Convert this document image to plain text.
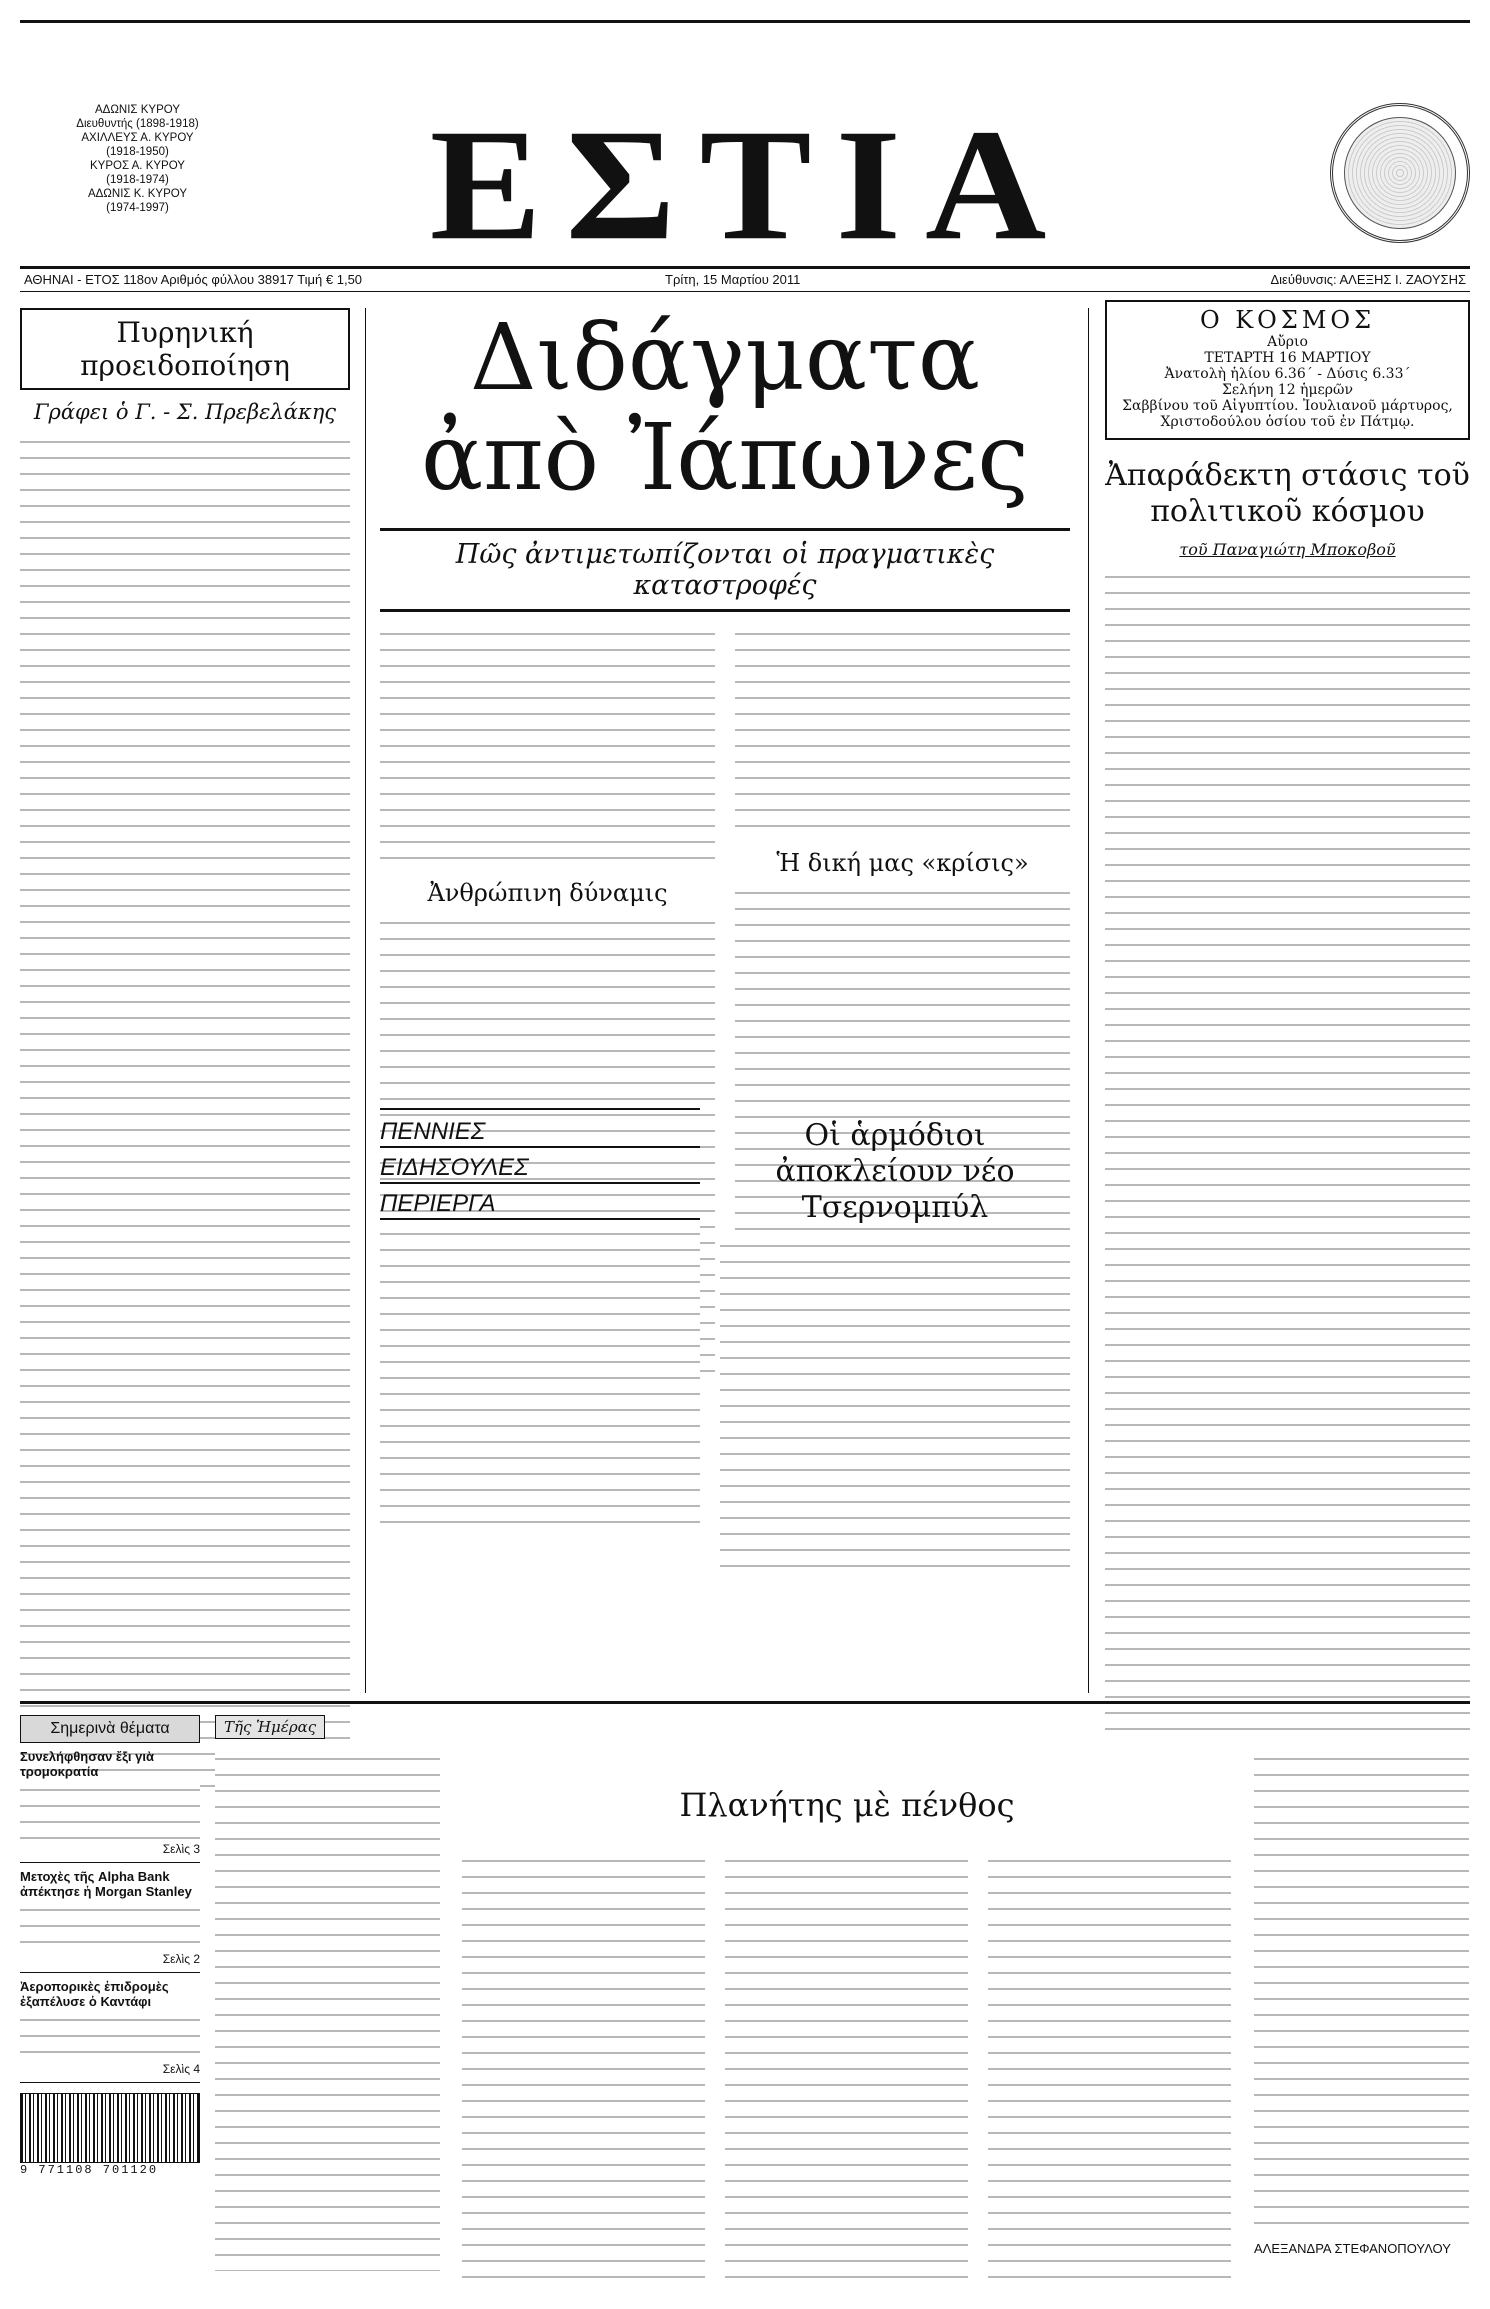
ΑΔΩΝΙΣ ΚΥΡΟΥ
Διευθυντής (1898-1918)
ΑΧΙΛΛΕΥΣ Α. ΚΥΡΟΥ
(1918-1950)
ΚΥΡΟΣ Α. ΚΥΡΟΥ
(1918-1974)
ΑΔΩΝΙΣ Κ. ΚΥΡΟΥ
(1974-1997)	ΕΣΤΙΑ
ΑΘΗΝΑΙ - ΕΤΟΣ 118ον Αριθμός φύλλου 38917 Τιμή € 1,50	Τρίτη, 15 Μαρτίου 2011	Διεύθυνσις: ΑΛΕΞΗΣ Ι. ΖΑΟΥΣΗΣ
Πυρηνική προειδοποίηση
Γράφει ὁ Γ. - Σ. Πρεβελάκης
Διδάγματα
ἀπὸ Ἰάπωνες
Πῶς ἀντιμετωπίζονται οἱ πραγματικὲς καταστροφές
Ἀνθρώπινη δύναμις
Ἡ δική μας «κρίσις»
ΠΕΝΝΙΕΣ
ΕΙΔΗΣΟΥΛΕΣ
ΠΕΡΙΕΡΓΑ
Οἱ ἁρμόδιοι ἀποκλείουν νέο Τσερνομπύλ
Ο ΚΟΣΜΟΣ
Αὔριο
ΤΕΤΑΡΤΗ 16 ΜΑΡΤΙΟΥ
Ἀνατολὴ ἡλίου 6.36΄ - Δύσις 6.33΄
Σελήνη 12 ἡμερῶν
Σαββίνου τοῦ Αἰγυπτίου. Ἰουλιανοῦ μάρτυρος,
Χριστοδούλου ὁσίου τοῦ ἐν Πάτμῳ.
Ἀπαράδεκτη στάσις τοῦ πολιτικοῦ κόσμου
τοῦ Παναγιώτη Μποκοβοῦ
Σημερινὰ θέματα
Συνελήφθησαν ἔξι γιὰ τρομοκρατία
Σελὶς 3
Μετοχὲς τῆς Alpha Bank ἀπέκτησε ἡ Morgan Stanley
Σελὶς 2
Ἀεροπορικὲς ἐπιδρομὲς ἐξαπέλυσε ὁ Καντάφι
Σελὶς 4
9 771108 701120
Τῆς Ἡμέρας
Πλανήτης μὲ πένθος
ΑΛΕΞΑΝΔΡΑ ΣΤΕΦΑΝΟΠΟΥΛΟΥ
